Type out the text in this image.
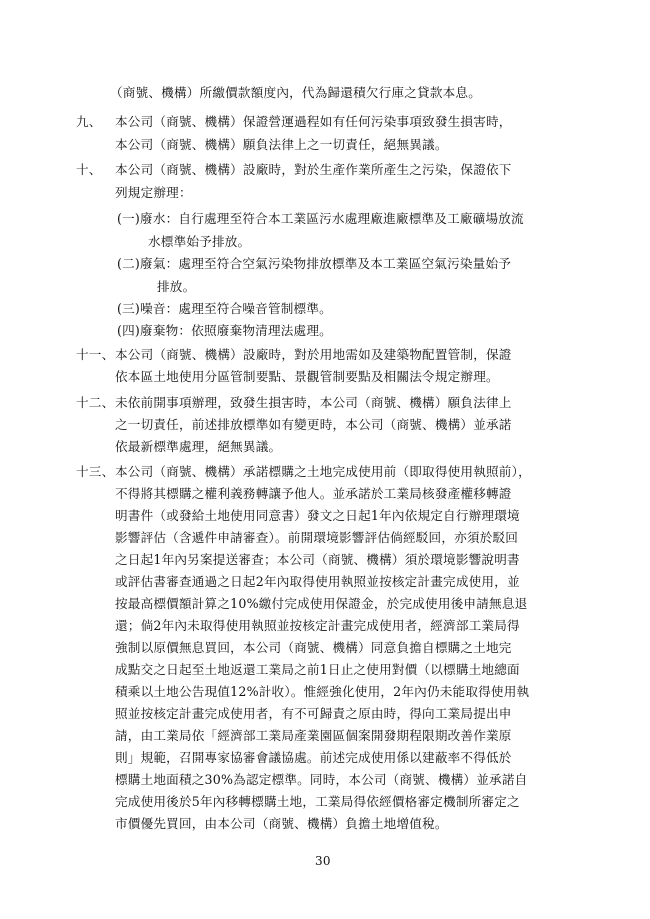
（商號、機構）所繳價款額度內，代為歸還積欠行庫之貸款本息。
九、 本公司（商號、機構）保證營運過程如有任何污染事項致發生損害時，
本公司（商號、機構）願負法律上之一切責任，絕無異議。
十、 本公司（商號、機構）設廠時，對於生產作業所產生之污染，保證依下
列規定辦理：
(一)廢水：自行處理至符合本工業區污水處理廠進廠標準及工廠礦場放流
水標準始予排放。
(二)廢氣：處理至符合空氣污染物排放標準及本工業區空氣污染量始予
排放。
(三)噪音：處理至符合噪音管制標準。
(四)廢棄物：依照廢棄物清理法處理。
十一、 本公司（商號、機構）設廠時，對於用地需如及建築物配置管制，保證
依本區土地使用分區管制要點、景觀管制要點及相關法令規定辦理。
十二、 未依前開事項辦理，致發生損害時，本公司（商號、機構）願負法律上
之一切責任，前述排放標準如有變更時，本公司（商號、機構）並承諾
依最新標準處理，絕無異議。
十三、 本公司（商號、機構）承諾標購之土地完成使用前（即取得使用執照前），
不得將其標購之權利義務轉讓予他人。並承諾於工業局核發產權移轉證
明書件（或發給土地使用同意書）發文之日起1年內依規定自行辦理環境
影響評估（含遞件申請審查）。前開環境影響評估倘經駁回，亦須於駁回
之日起1年內另案提送審查；本公司（商號、機構）須於環境影響說明書
或評估書審查通過之日起2年內取得使用執照並按核定計畫完成使用，並
按最高標價額計算之10%繳付完成使用保證金，於完成使用後申請無息退
還；倘2年內未取得使用執照並按核定計畫完成使用者，經濟部工業局得
強制以原價無息買回，本公司（商號、機構）同意負擔自標購之土地完
成點交之日起至土地返還工業局之前1日止之使用對價（以標購土地總面
積乘以土地公告現值12%計收）。惟經強化使用，2年內仍未能取得使用執
照並按核定計畫完成使用者，有不可歸責之原由時，得向工業局提出申
請，由工業局依「經濟部工業局產業園區個案開發期程限期改善作業原
則」規範，召開專家協審會議協處。前述完成使用係以建蔽率不得低於
標購土地面積之30%為認定標準。同時，本公司（商號、機構）並承諾自
完成使用後於5年內移轉標購土地，工業局得依經價格審定機制所審定之
市價優先買回，由本公司（商號、機構）負擔土地增值稅。
30
